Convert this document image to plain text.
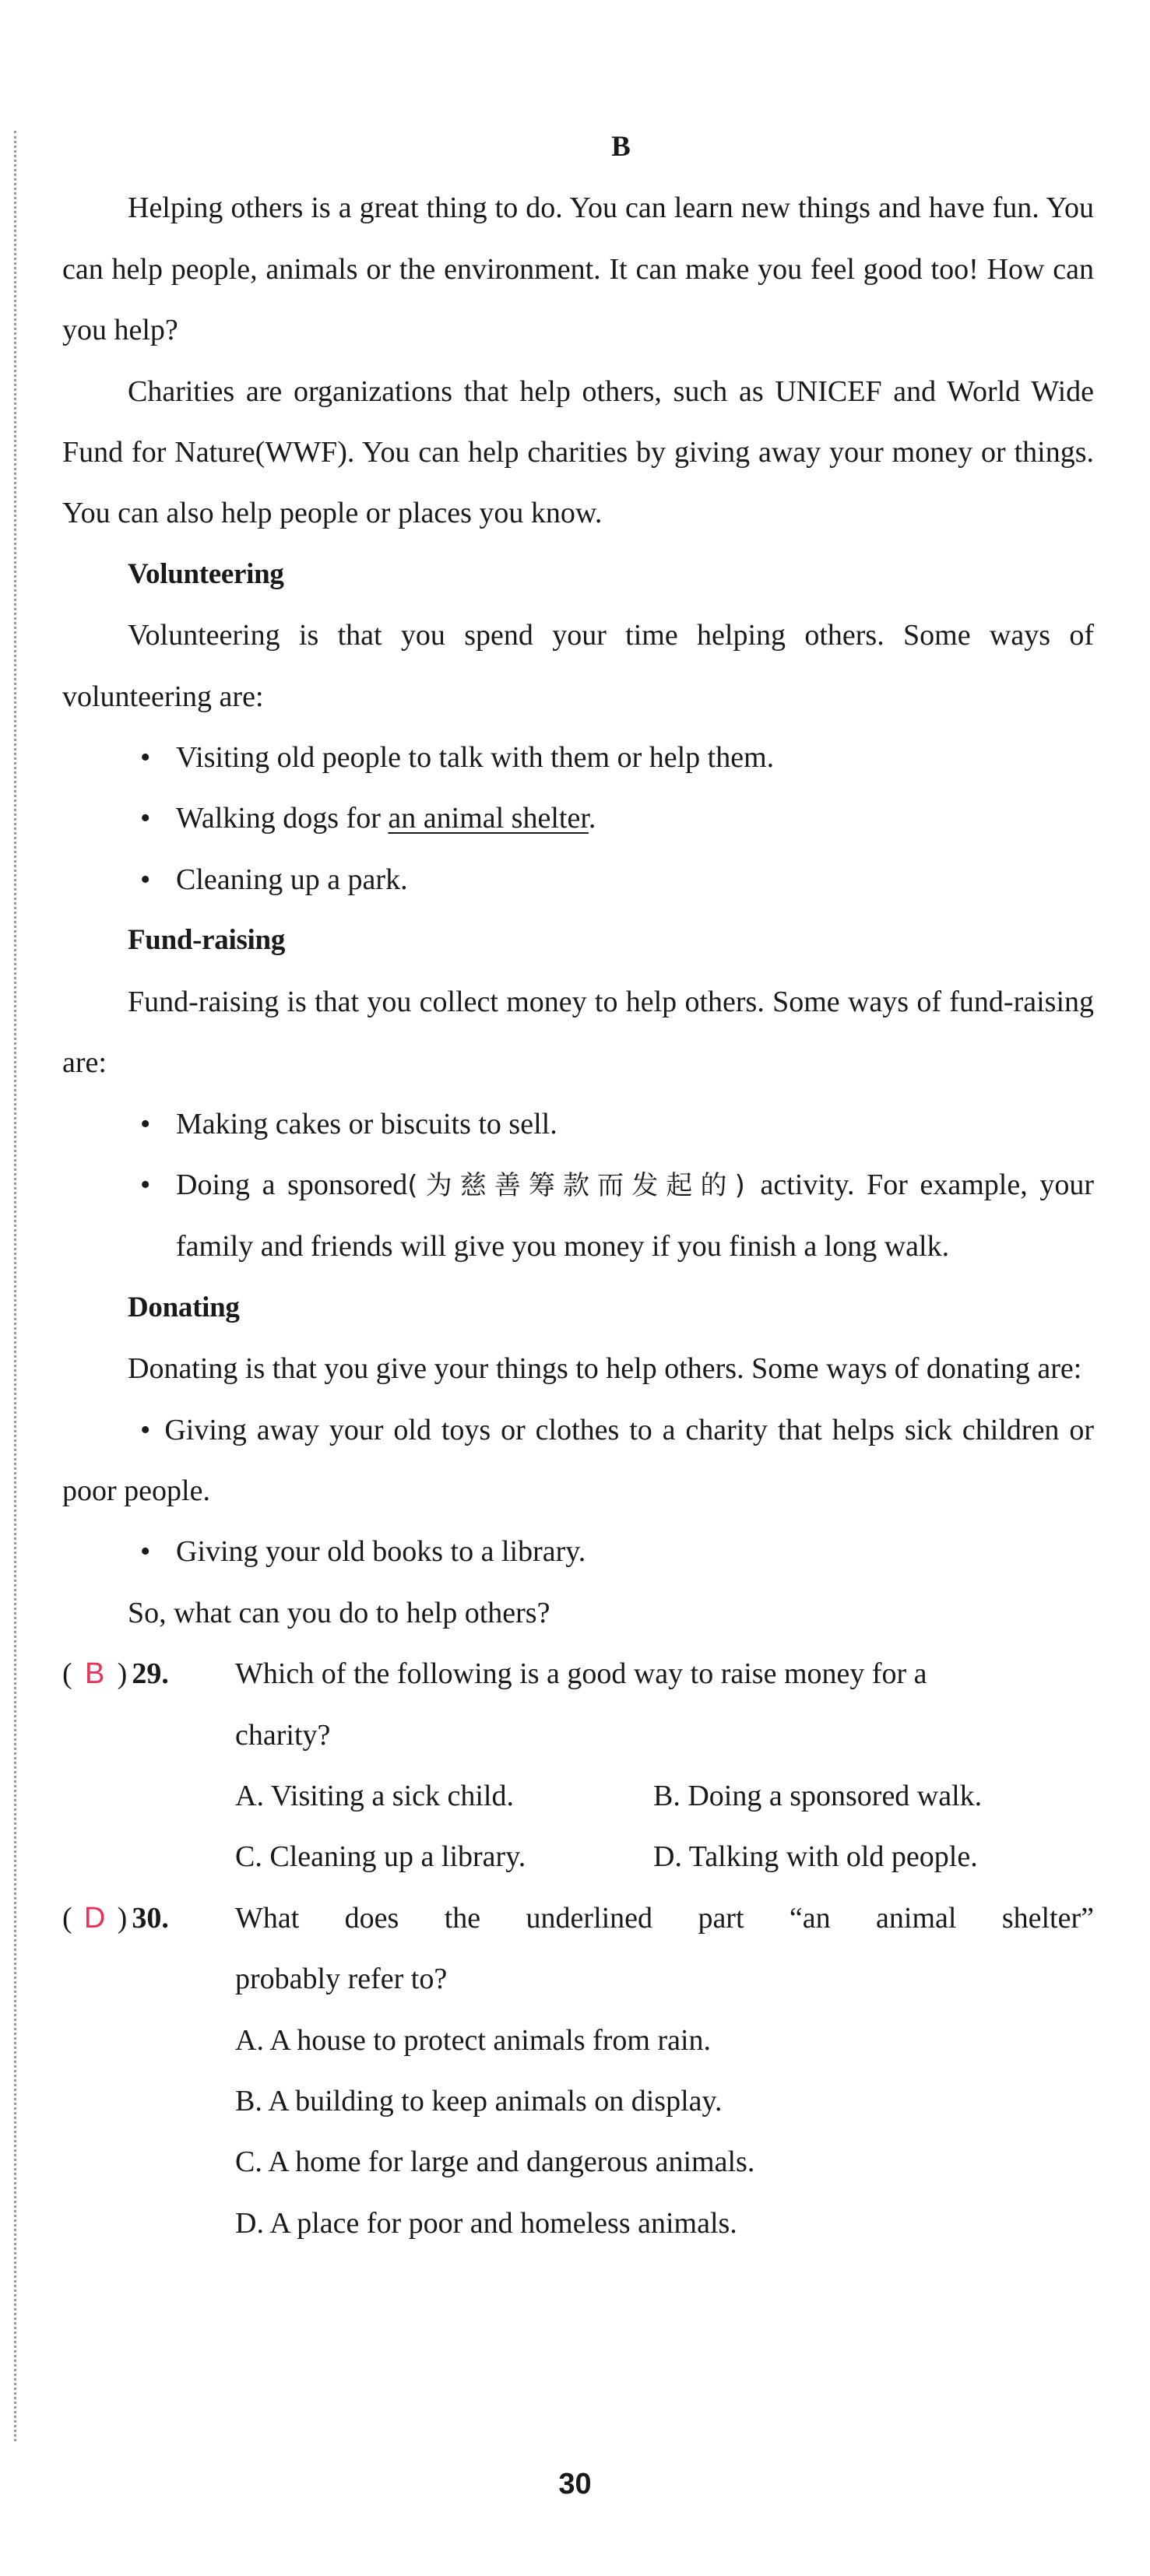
B

Helping others is a great thing to do. You can learn new things and have fun. You can help people, animals or the environment. It can make you feel good too! How can you help?

Charities are organizations that help others, such as UNICEF and World Wide Fund for Nature(WWF). You can help charities by giving away your money or things. You can also help people or places you know.

Volunteering

Volunteering is that you spend your time helping others. Some ways of volunteering are:

• Visiting old people to talk with them or help them.
• Walking dogs for an animal shelter.
• Cleaning up a park.
Fund-raising

Fund-raising is that you collect money to help others. Some ways of fund-raising are:

• Making cakes or biscuits to sell.
• Doing a sponsored(为慈善筹款而发起的) activity. For example, your family and friends will give you money if you finish a long walk.

Donating

Donating is that you give your things to help others. Some ways of donating are:

• Giving away your old toys or clothes to a charity that helps sick children or poor people.

• Giving your old books to a library.

So, what can you do to help others?

( B ) 29. Which of the following is a good way to raise money for a
charity?
A. Visiting a sick child.	B. Doing a sponsored walk.
C. Cleaning up a library.	D. Talking with old people.
( D ) 30. What does the underlined part “an animal shelter”

probably refer to?
A. A house to protect animals from rain.
B. A building to keep animals on display.
C. A home for large and dangerous animals.
D. A place for poor and homeless animals.
30
